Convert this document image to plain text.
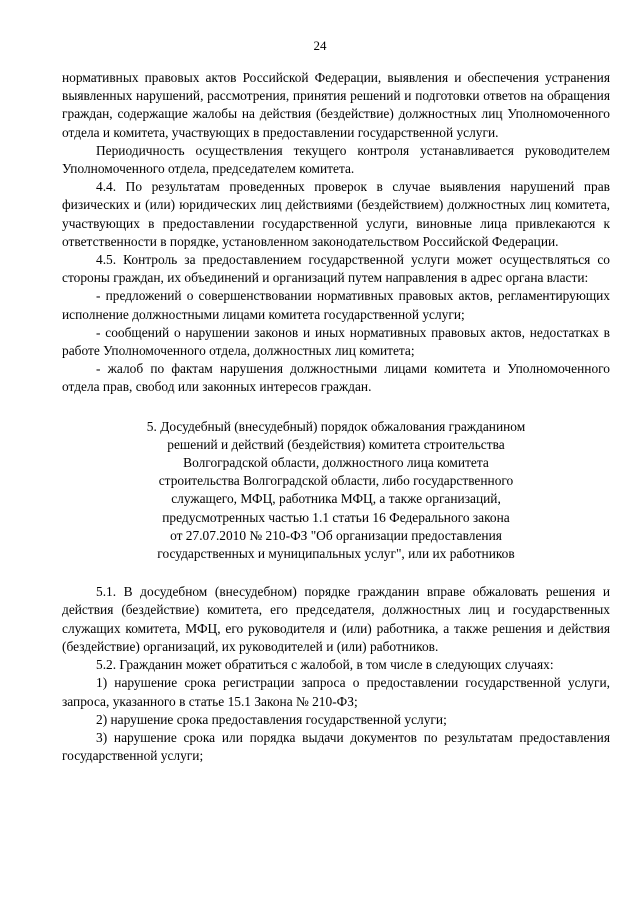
24

нормативных правовых актов Российской Федерации, выявления и обеспечения устранения выявленных нарушений, рассмотрения, принятия решений и подготовки ответов на обращения граждан, содержащие жалобы на действия (бездействие) должностных лиц Уполномоченного отдела и комитета, участвующих в предоставлении государственной услуги.

Периодичность осуществления текущего контроля устанавливается руководителем Уполномоченного отдела, председателем комитета.

4.4. По результатам проведенных проверок в случае выявления нарушений прав физических и (или) юридических лиц действиями (бездействием) должностных лиц комитета, участвующих в предоставлении государственной услуги, виновные лица привлекаются к ответственности в порядке, установленном законодательством Российской Федерации.

4.5. Контроль за предоставлением государственной услуги может осуществляться со стороны граждан, их объединений и организаций путем направления в адрес органа власти:

- предложений о совершенствовании нормативных правовых актов, регламентирующих исполнение должностными лицами комитета государственной услуги;

- сообщений о нарушении законов и иных нормативных правовых актов, недостатках в работе Уполномоченного отдела, должностных лиц комитета;

- жалоб по фактам нарушения должностными лицами комитета и Уполномоченного отдела прав, свобод или законных интересов граждан.

5. Досудебный (внесудебный) порядок обжалования гражданином
решений и действий (бездействия) комитета строительства
Волгоградской области, должностного лица комитета
строительства Волгоградской области, либо государственного
служащего, МФЦ, работника МФЦ, а также организаций,
предусмотренных частью 1.1 статьи 16 Федерального закона
от 27.07.2010 № 210-ФЗ "Об организации предоставления
государственных и муниципальных услуг", или их работников

5.1. В досудебном (внесудебном) порядке гражданин вправе обжаловать решения и действия (бездействие) комитета, его председателя, должностных лиц и государственных служащих комитета, МФЦ, его руководителя и (или) работника, а также решения и действия (бездействие) организаций, их руководителей и (или) работников.

5.2. Гражданин может обратиться с жалобой, в том числе в следующих случаях:

1) нарушение срока регистрации запроса о предоставлении государственной услуги, запроса, указанного в статье 15.1 Закона № 210-ФЗ;

2) нарушение срока предоставления государственной услуги;

3) нарушение срока или порядка выдачи документов по результатам предоставления государственной услуги;
